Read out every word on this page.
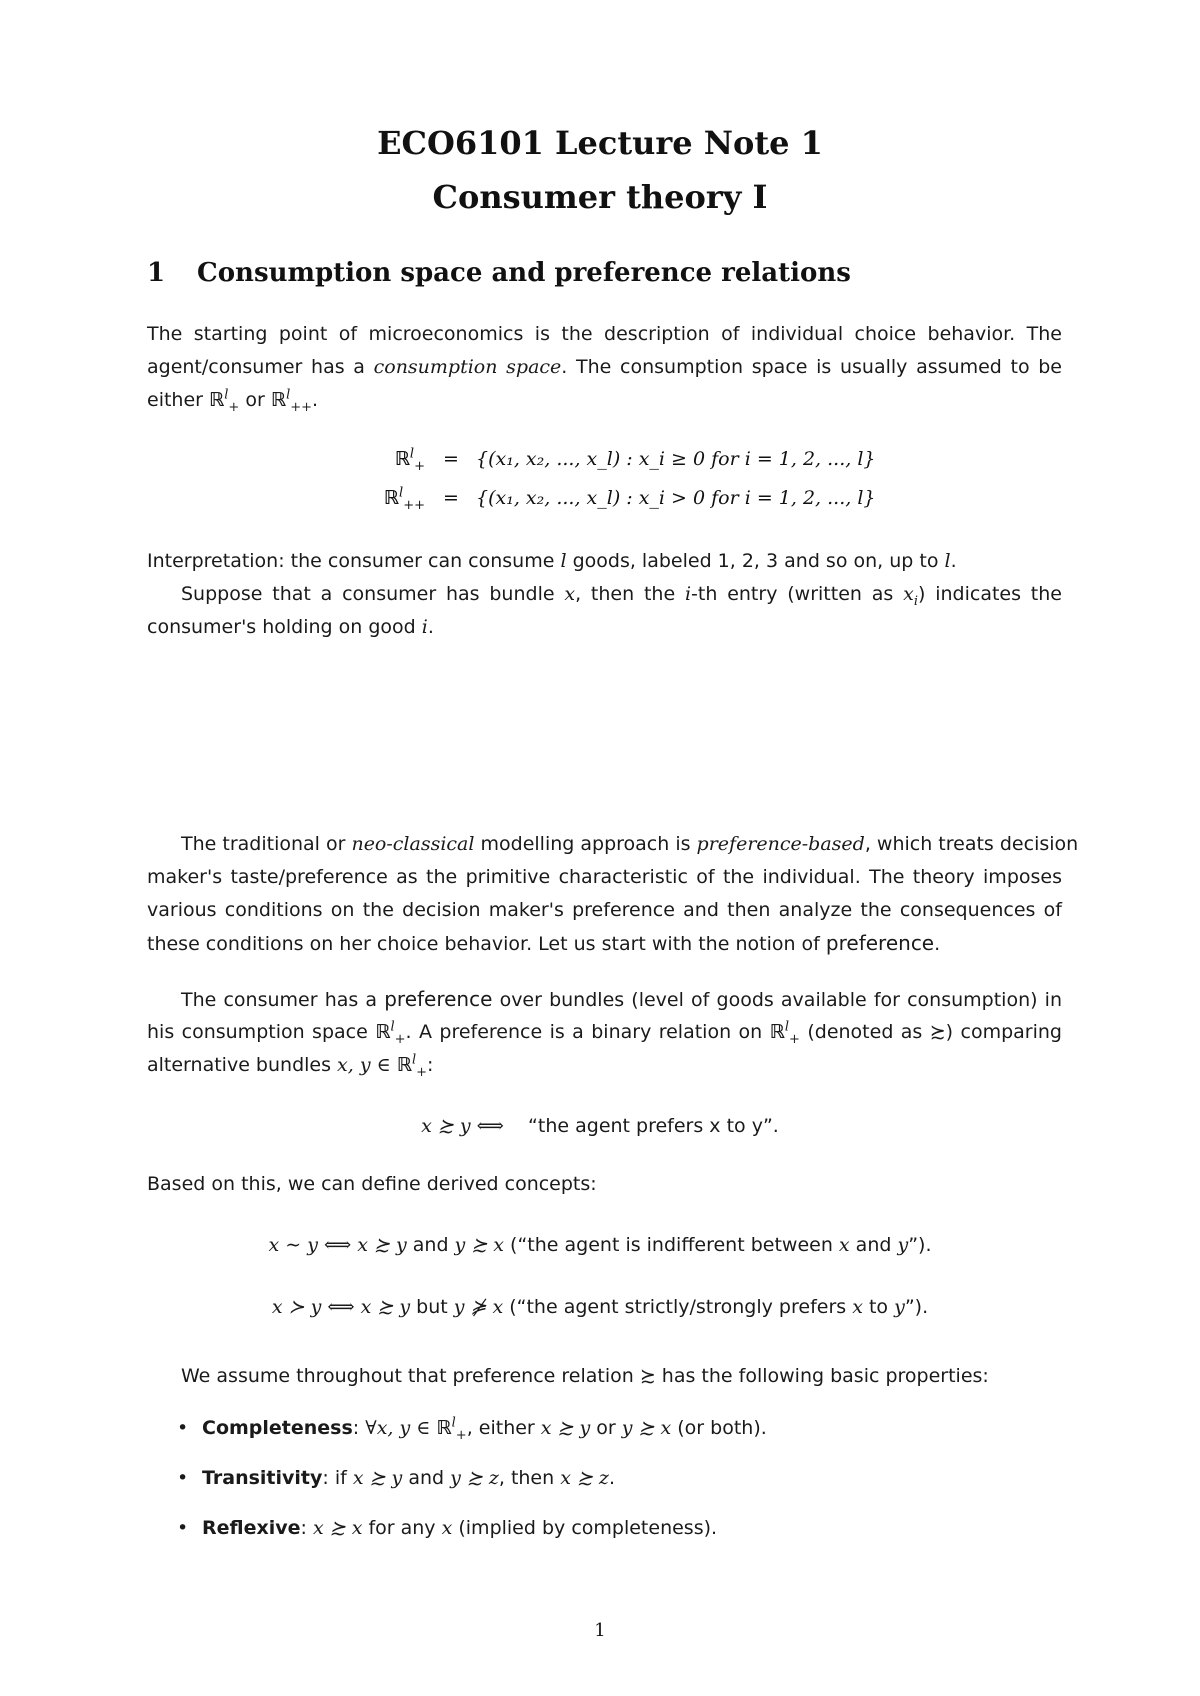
ECO6101 Lecture Note 1
Consumer theory I
1 Consumption space and preference relations
The starting point of microeconomics is the description of individual choice behavior. The
agent/consumer has a consumption space. The consumption space is usually assumed to be
either ℝ$^l_+$ or ℝ$^l_{++}$.
ℝ$^l_+$ = {(x₁, x₂, ..., x_l) : x_i ≥ 0 for i = 1, 2, ..., l}
ℝ$^l_{++}$ = {(x₁, x₂, ..., x_l) : x_i > 0 for i = 1, 2, ..., l}
Interpretation: the consumer can consume l goods, labeled 1, 2, 3 and so on, up to l.
Suppose that a consumer has bundle x, then the i-th entry (written as $x_i$) indicates the
consumer's holding on good i.
The traditional or neo-classical modelling approach is preference-based, which treats decision
maker's taste/preference as the primitive characteristic of the individual. The theory imposes
various conditions on the decision maker's preference and then analyze the consequences of
these conditions on her choice behavior. Let us start with the notion of preference.
The consumer has a preference over bundles (level of goods available for consumption) in
his consumption space ℝ$^l_+$. A preference is a binary relation on ℝ$^l_+$ (denoted as ≿) comparing
alternative bundles x, y ∈ ℝ$^l_+$:
x ≿ y ⟺ “the agent prefers x to y”.
Based on this, we can define derived concepts:
x ∼ y ⟺ x ≿ y and y ≿ x (“the agent is indifferent between x and y”).
x ≻ y ⟺ x ≿ y but y ⋡ x (“the agent strictly/strongly prefers x to y”).
We assume throughout that preference relation ≿ has the following basic properties:
• Completeness: ∀x, y ∈ ℝ$^l_+$, either x ≿ y or y ≿ x (or both).
• Transitivity: if x ≿ y and y ≿ z, then x ≿ z.
• Reflexive: x ≿ x for any x (implied by completeness).
1
